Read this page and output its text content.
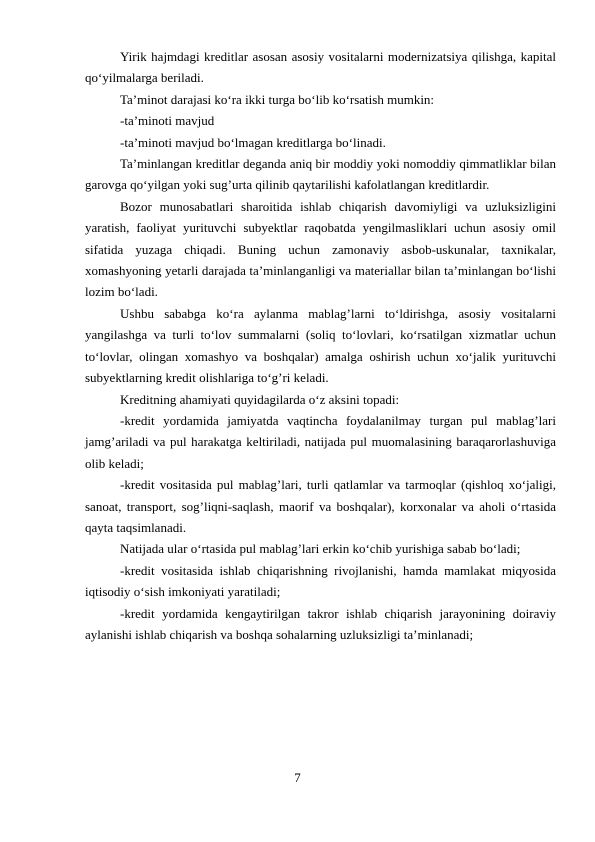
Yirik hajmdagi kreditlar asosan asosiy vositalarni modernizatsiya qilishga, kapital qo‘yilmalarga beriladi.

Ta’minot darajasi ko‘ra ikki turga bo‘lib ko‘rsatish mumkin:

-ta’minoti mavjud

-ta’minoti mavjud bo‘lmagan kreditlarga bo‘linadi.

Ta’minlangan kreditlar deganda aniq bir moddiy yoki nomoddiy qimmatliklar bilan garovga qo‘yilgan yoki sug’urta qilinib qaytarilishi kafolatlangan kreditlardir.

Bozor munosabatlari sharoitida ishlab chiqarish davomiyligi va uzluksizligini yaratish, faoliyat yurituvchi subyektlar raqobatda yengilmasliklari uchun asosiy omil sifatida yuzaga chiqadi. Buning uchun zamonaviy asbob-uskunalar, taxnikalar, xomashyoning yetarli darajada ta’minlanganligi va materiallar bilan ta’minlangan bo‘lishi lozim bo‘ladi.

Ushbu sababga ko‘ra aylanma mablag’larni to‘ldirishga, asosiy vositalarni yangilashga va turli to‘lov summalarni (soliq to‘lovlari, ko‘rsatilgan xizmatlar uchun to‘lovlar, olingan xomashyo va boshqalar) amalga oshirish uchun xo‘jalik yurituvchi subyektlarning kredit olishlariga to‘g’ri keladi.

Kreditning ahamiyati quyidagilarda o‘z aksini topadi:

-kredit yordamida jamiyatda vaqtincha foydalanilmay turgan pul mablag’lari jamg’ariladi va pul harakatga keltiriladi, natijada pul muomalasining baraqarorlashuviga olib keladi;

-kredit vositasida pul mablag’lari, turli qatlamlar va tarmoqlar (qishloq xo‘jaligi, sanoat, transport, sog’liqni-saqlash, maorif va boshqalar), korxonalar va aholi o‘rtasida qayta taqsimlanadi.

Natijada ular o‘rtasida pul mablag’lari erkin ko‘chib yurishiga sabab bo‘ladi;

-kredit vositasida ishlab chiqarishning rivojlanishi, hamda mamlakat miqyosida iqtisodiy o‘sish imkoniyati yaratiladi;

-kredit yordamida kengaytirilgan takror ishlab chiqarish jarayonining doiraviy aylanishi ishlab chiqarish va boshqa sohalarning uzluksizligi ta’minlanadi;

7
